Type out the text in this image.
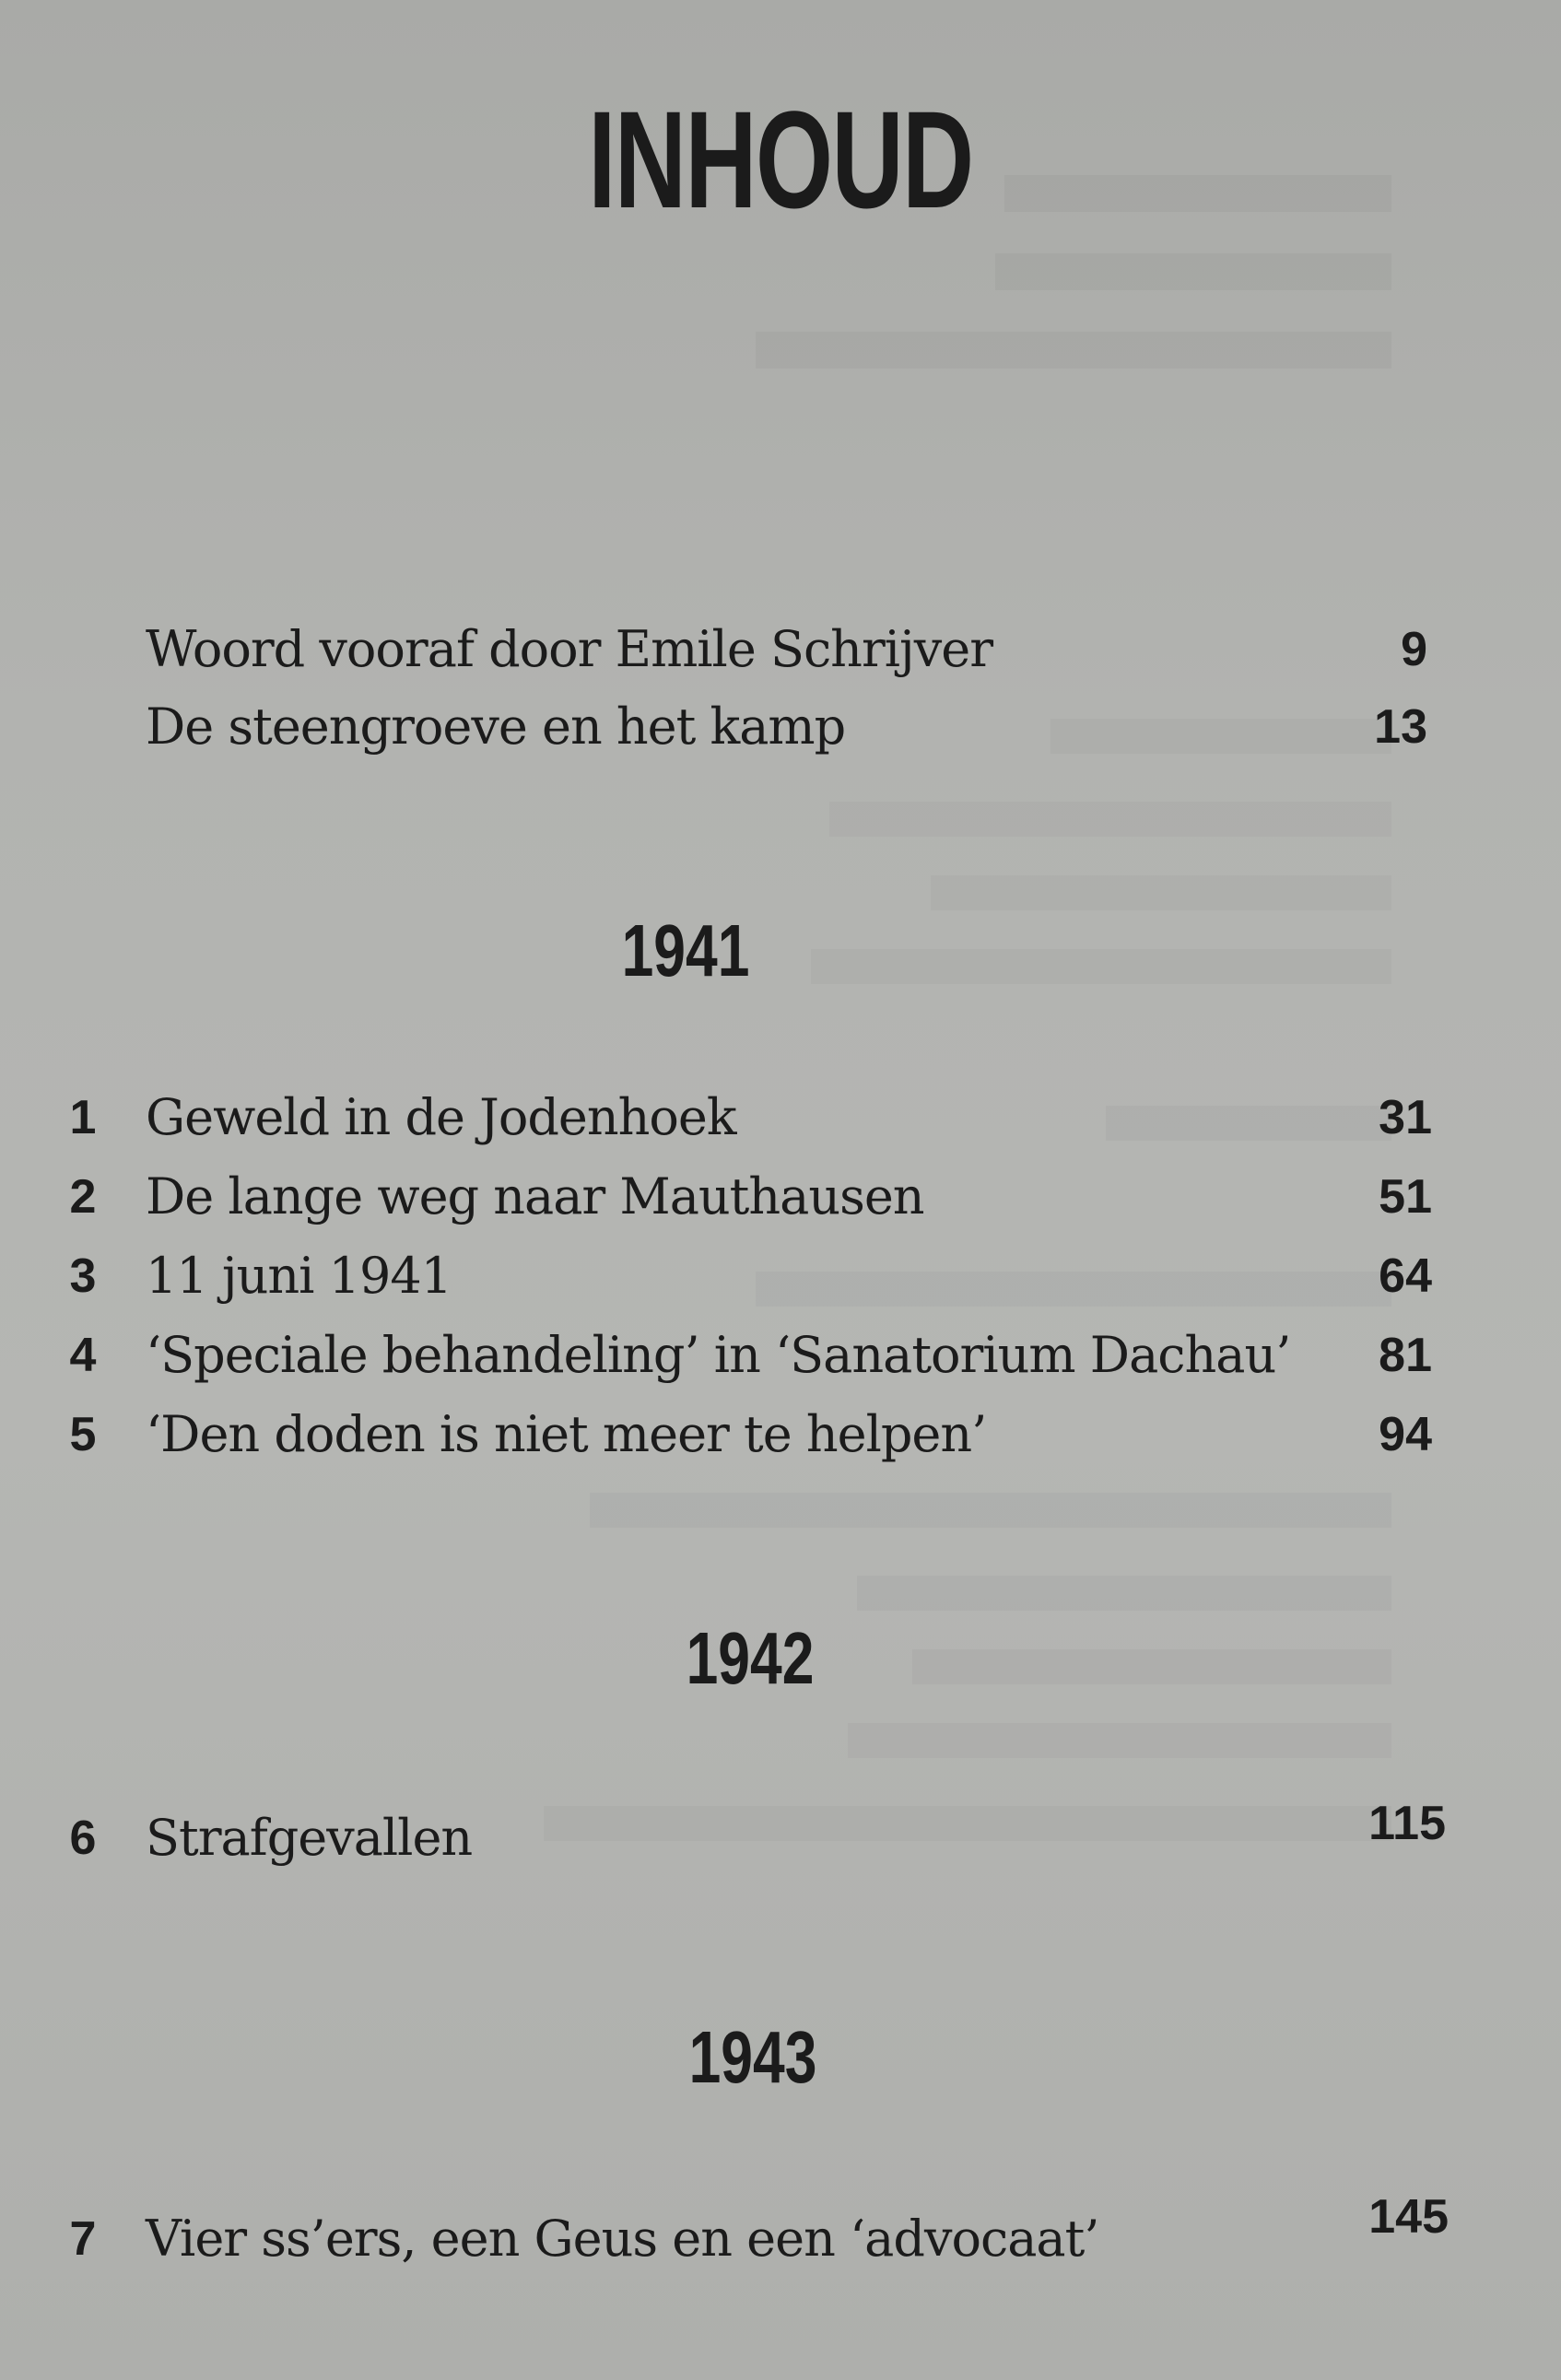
INHOUD
Woord vooraf door Emile Schrijver	9
De steengroeve en het kamp	13
1941
1 Geweld in de Jodenhoek	31
2 De lange weg naar Mauthausen	51
3 11 juni 1941	64
4 ‘Speciale behandeling’ in ‘Sanatorium Dachau’ 81
5 ‘Den doden is niet meer te helpen’	94
1942
6 Strafgevallen	115
1943
7 Vier ss’ers, een Geus en een ‘advocaat’	145
